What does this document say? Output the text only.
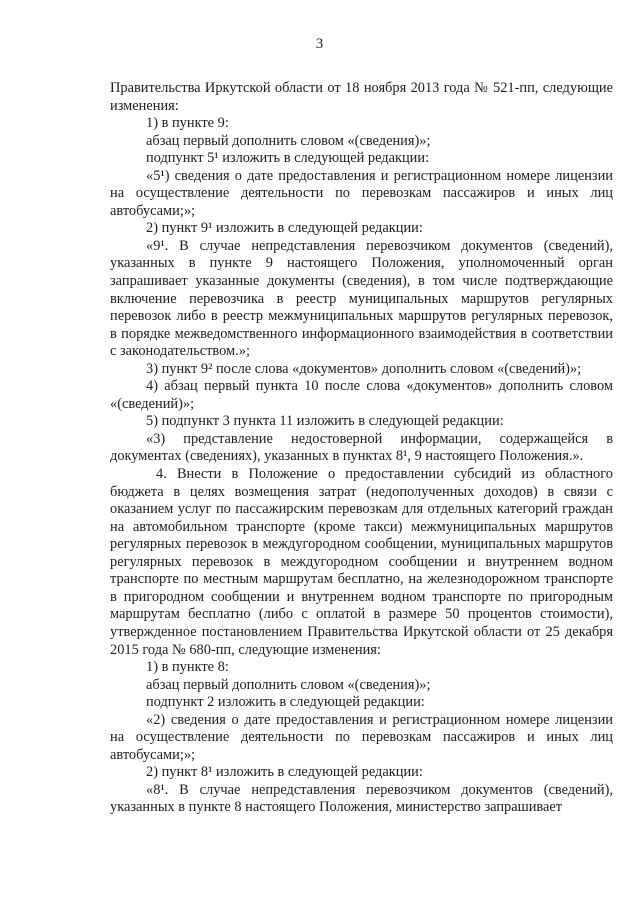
3

Правительства Иркутской области от 18 ноября 2013 года № 521-пп, следующие изменения:

1) в пункте 9:

абзац первый дополнить словом «(сведения)»;

подпункт 5¹ изложить в следующей редакции:

«5¹) сведения о дате предоставления и регистрационном номере лицензии на осуществление деятельности по перевозкам пассажиров и иных лиц автобусами;»;

2) пункт 9¹ изложить в следующей редакции:

«9¹. В случае непредставления перевозчиком документов (сведений), указанных в пункте 9 настоящего Положения, уполномоченный орган запрашивает указанные документы (сведения), в том числе подтверждающие включение перевозчика в реестр муниципальных маршрутов регулярных перевозок либо в реестр межмуниципальных маршрутов регулярных перевозок, в порядке межведомственного информационного взаимодействия в соответствии с законодательством.»;

3) пункт 9² после слова «документов» дополнить словом «(сведений)»;

4) абзац первый пункта 10 после слова «документов» дополнить словом «(сведений)»;

5) подпункт 3 пункта 11 изложить в следующей редакции:

«3) представление недостоверной информации, содержащейся в документах (сведениях), указанных в пунктах 8¹, 9 настоящего Положения.».

4. Внести в Положение о предоставлении субсидий из областного бюджета в целях возмещения затрат (недополученных доходов) в связи с оказанием услуг по пассажирским перевозкам для отдельных категорий граждан на автомобильном транспорте (кроме такси) межмуниципальных маршрутов регулярных перевозок в междугородном сообщении, муниципальных маршрутов регулярных перевозок в междугородном сообщении и внутреннем водном транспорте по местным маршрутам бесплатно, на железнодорожном транспорте в пригородном сообщении и внутреннем водном транспорте по пригородным маршрутам бесплатно (либо с оплатой в размере 50 процентов стоимости), утвержденное постановлением Правительства Иркутской области от 25 декабря 2015 года № 680-пп, следующие изменения:

1) в пункте 8:

абзац первый дополнить словом «(сведения)»;

подпункт 2 изложить в следующей редакции:

«2) сведения о дате предоставления и регистрационном номере лицензии на осуществление деятельности по перевозкам пассажиров и иных лиц автобусами;»;

2) пункт 8¹ изложить в следующей редакции:

«8¹. В случае непредставления перевозчиком документов (сведений), указанных в пункте 8 настоящего Положения, министерство запрашивает
